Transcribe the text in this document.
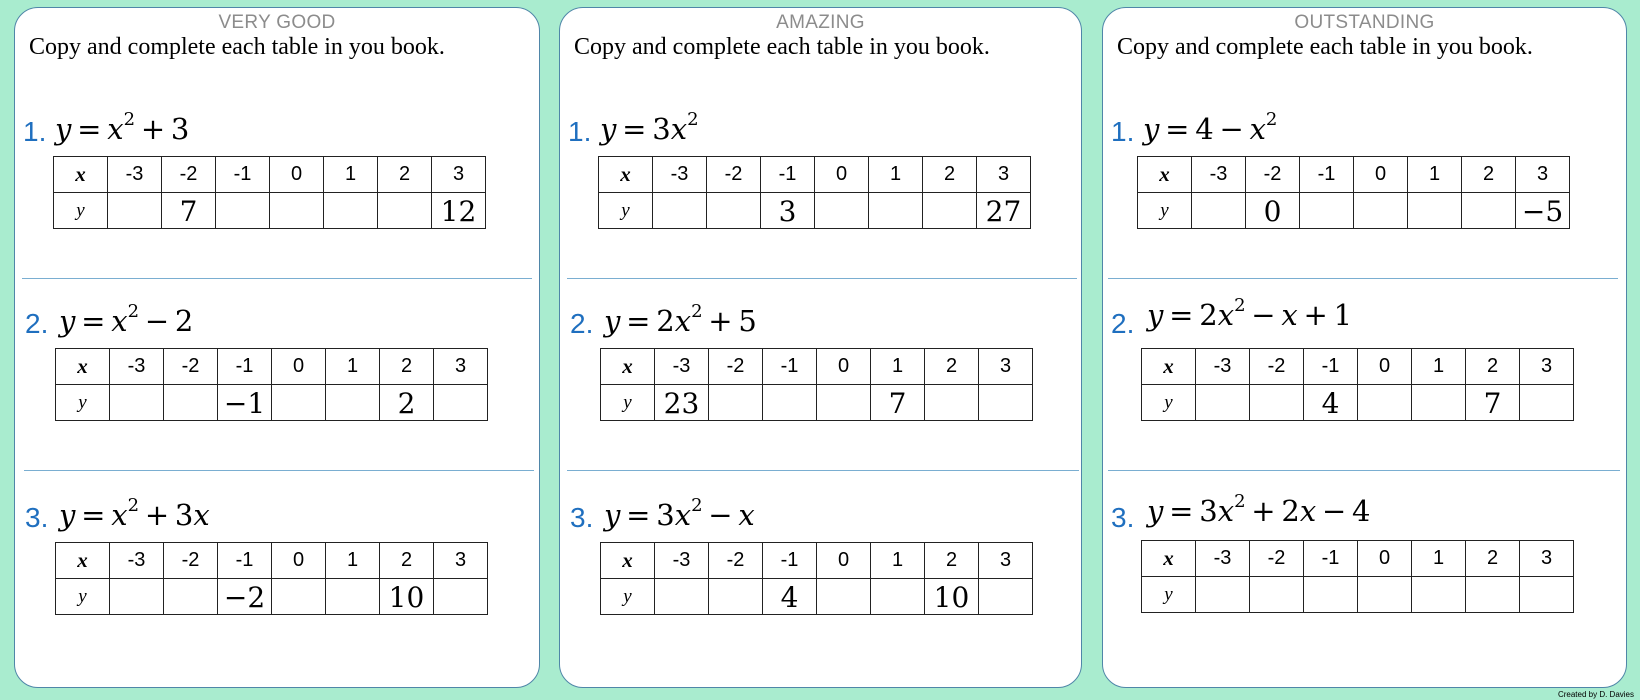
VERY GOOD
Copy and complete each table in you book.
1. y  =  $x^2$  +  3
x	-3	-2	-1	0	1	2	3
y		7					12
2. y  =  $x^2$  −  2
x	-3	-2	-1	0	1	2	3
y			−1			2	
3. y  =  $x^2$  +  3x
x	-3	-2	-1	0	1	2	3
y			−2			10	
AMAZING
Copy and complete each table in you book.
1. y  =  $3x^2$
x	-3	-2	-1	0	1	2	3
y			3				27
2. y  =  $2x^2$  +  5
x	-3	-2	-1	0	1	2	3
y	23				7		
3. y  =  $3x^2$  −  x
x	-3	-2	-1	0	1	2	3
y			4			10	
OUTSTANDING
Copy and complete each table in you book.
1. y  =  4  −  $x^2$
x	-3	-2	-1	0	1	2	3
y		0					−5
2. y  =  $2x^2$  −  x  +  1
x	-3	-2	-1	0	1	2	3
y			4			7	
3. y  =  $3x^2$  +  2x  −  4
x	-3	-2	-1	0	1	2	3
y							
Created by D. Davies
